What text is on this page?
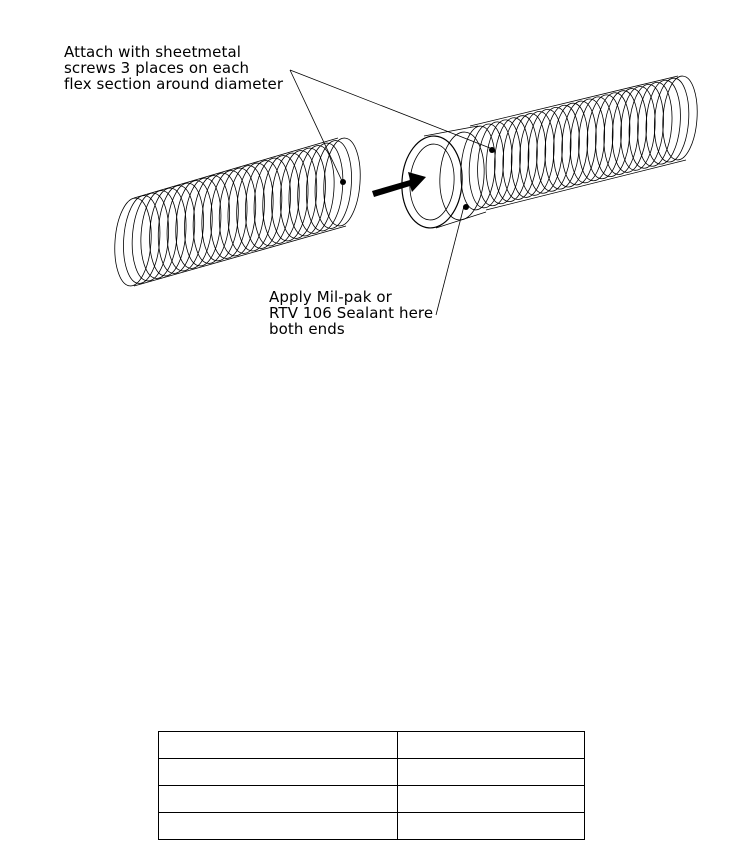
Attach with sheetmetal
screws 3 places on each
flex section around diameter
Apply Mil-pak or
RTV 106 Sealant here
both ends
